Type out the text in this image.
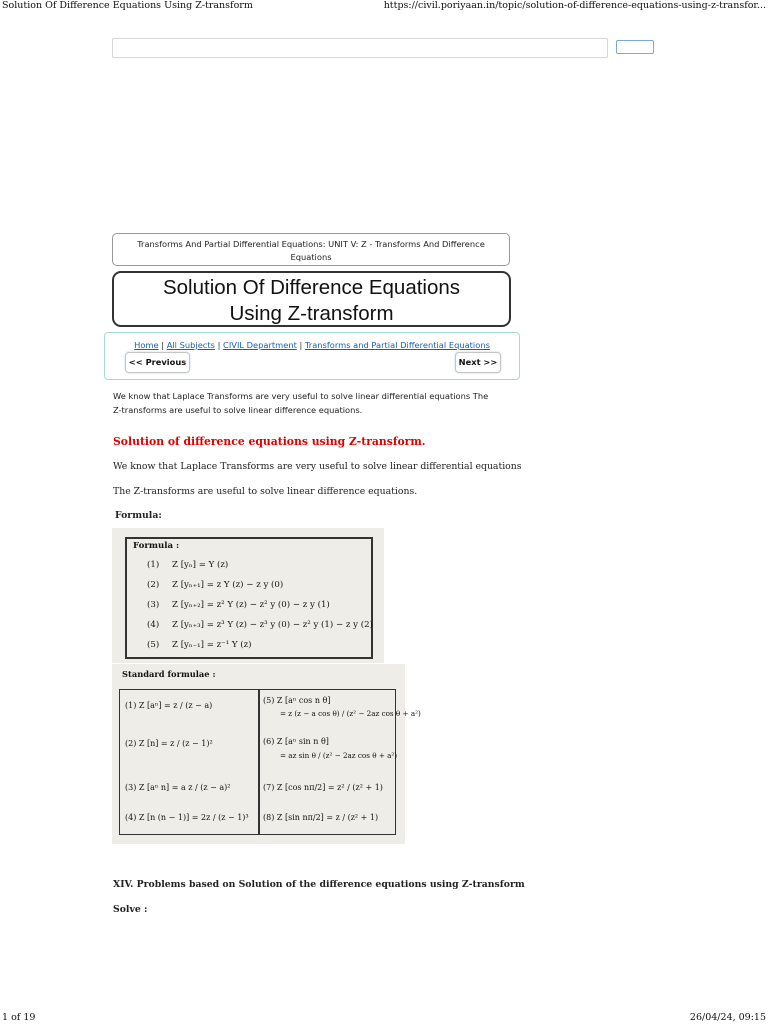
Solution Of Difference Equations Using Z-transform	https://civil.poriyaan.in/topic/solution-of-difference-equations-using-z-transfor...
Transforms And Partial Differential Equations: UNIT V: Z - Transforms And Difference Equations
Solution Of Difference Equations
Using Z-transform
Home | All Subjects | CIVIL Department | Transforms and Partial Differential Equations
<< Previous	Next >>
We know that Laplace Transforms are very useful to solve linear differential equations The Z-transforms are useful to solve linear difference equations.
Solution of difference equations using Z-transform.
We know that Laplace Transforms are very useful to solve linear differential equations
The Z-transforms are useful to solve linear difference equations.
Formula:
Formula :
(1) Z [yₙ] = Y (z)
(2) Z [yₙ₊₁] = z Y (z) − z y (0)
(3) Z [yₙ₊₂] = z² Y (z) − z² y (0) − z y (1)
(4) Z [yₙ₊₃] = z³ Y (z) − z³ y (0) − z² y (1) − z y (2)
(5) Z [yₙ₋₁] = z⁻¹ Y (z)
Standard formulae :
(1) Z [aⁿ] = z / (z − a)
(2) Z [n] = z / (z − 1)²
(3) Z [aⁿ n] = a z / (z − a)²
(4) Z [n (n − 1)] = 2z / (z − 1)³
(5) Z [aⁿ cos n θ]
= z (z − a cos θ) / (z² − 2az cos θ + a²)
(6) Z [aⁿ sin n θ]
= az sin θ / (z² − 2az cos θ + a²)
(7) Z [cos nπ/2] = z² / (z² + 1)
(8) Z [sin nπ/2] = z / (z² + 1)
XIV. Problems based on Solution of the difference equations using Z-transform
Solve :
1 of 19	26/04/24, 09:15
